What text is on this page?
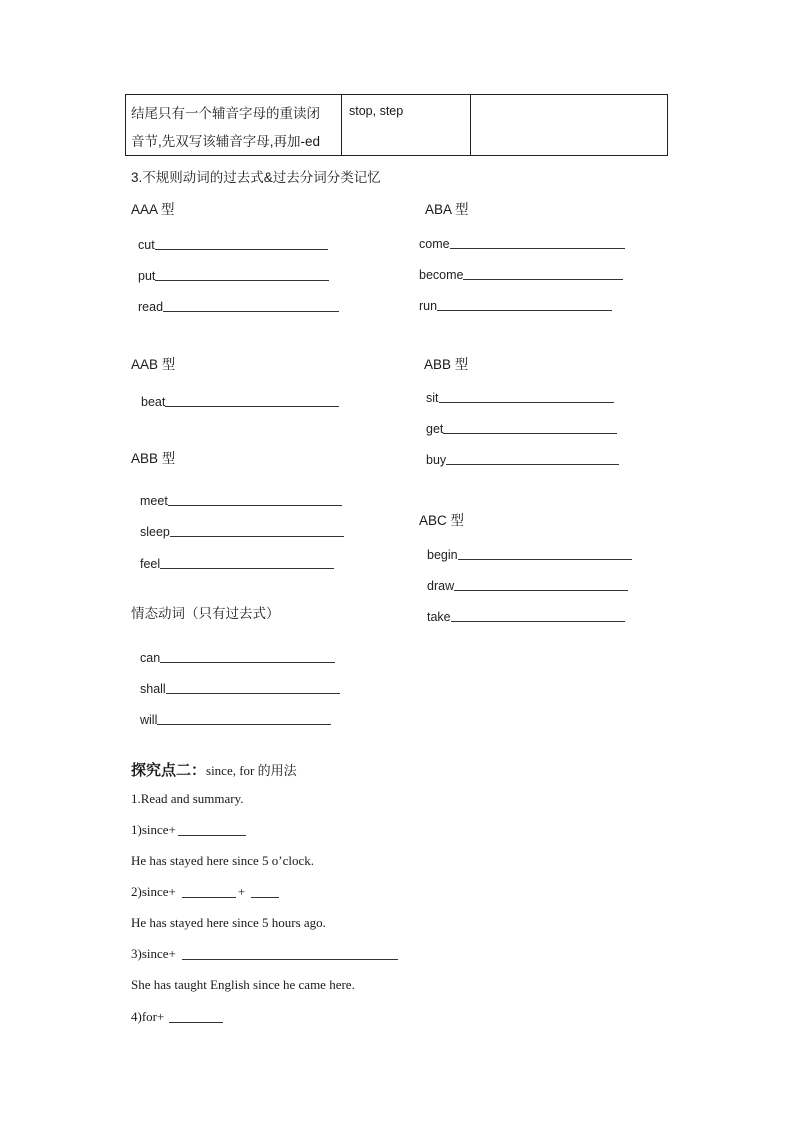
结尾只有一个辅音字母的重读闭
音节,先双写该辅音字母,再加-ed
stop, step
3.不规则动词的过去式&过去分词分类记忆
AAA 型
cut
put
read
ABA 型
come
become
run
AAB 型
beat
ABB 型
sit
get
buy
ABB 型
meet
sleep
feel
ABC 型
begin
draw
take
情态动词（只有过去式）
can
shall
will
探究点二：since, for 的用法
1.Read and summary.
1)since+
He has stayed here since 5 o’clock.
2)since+	+
He has stayed here since 5 hours ago.
3)since+
She has taught English since he came here.
4)for+
